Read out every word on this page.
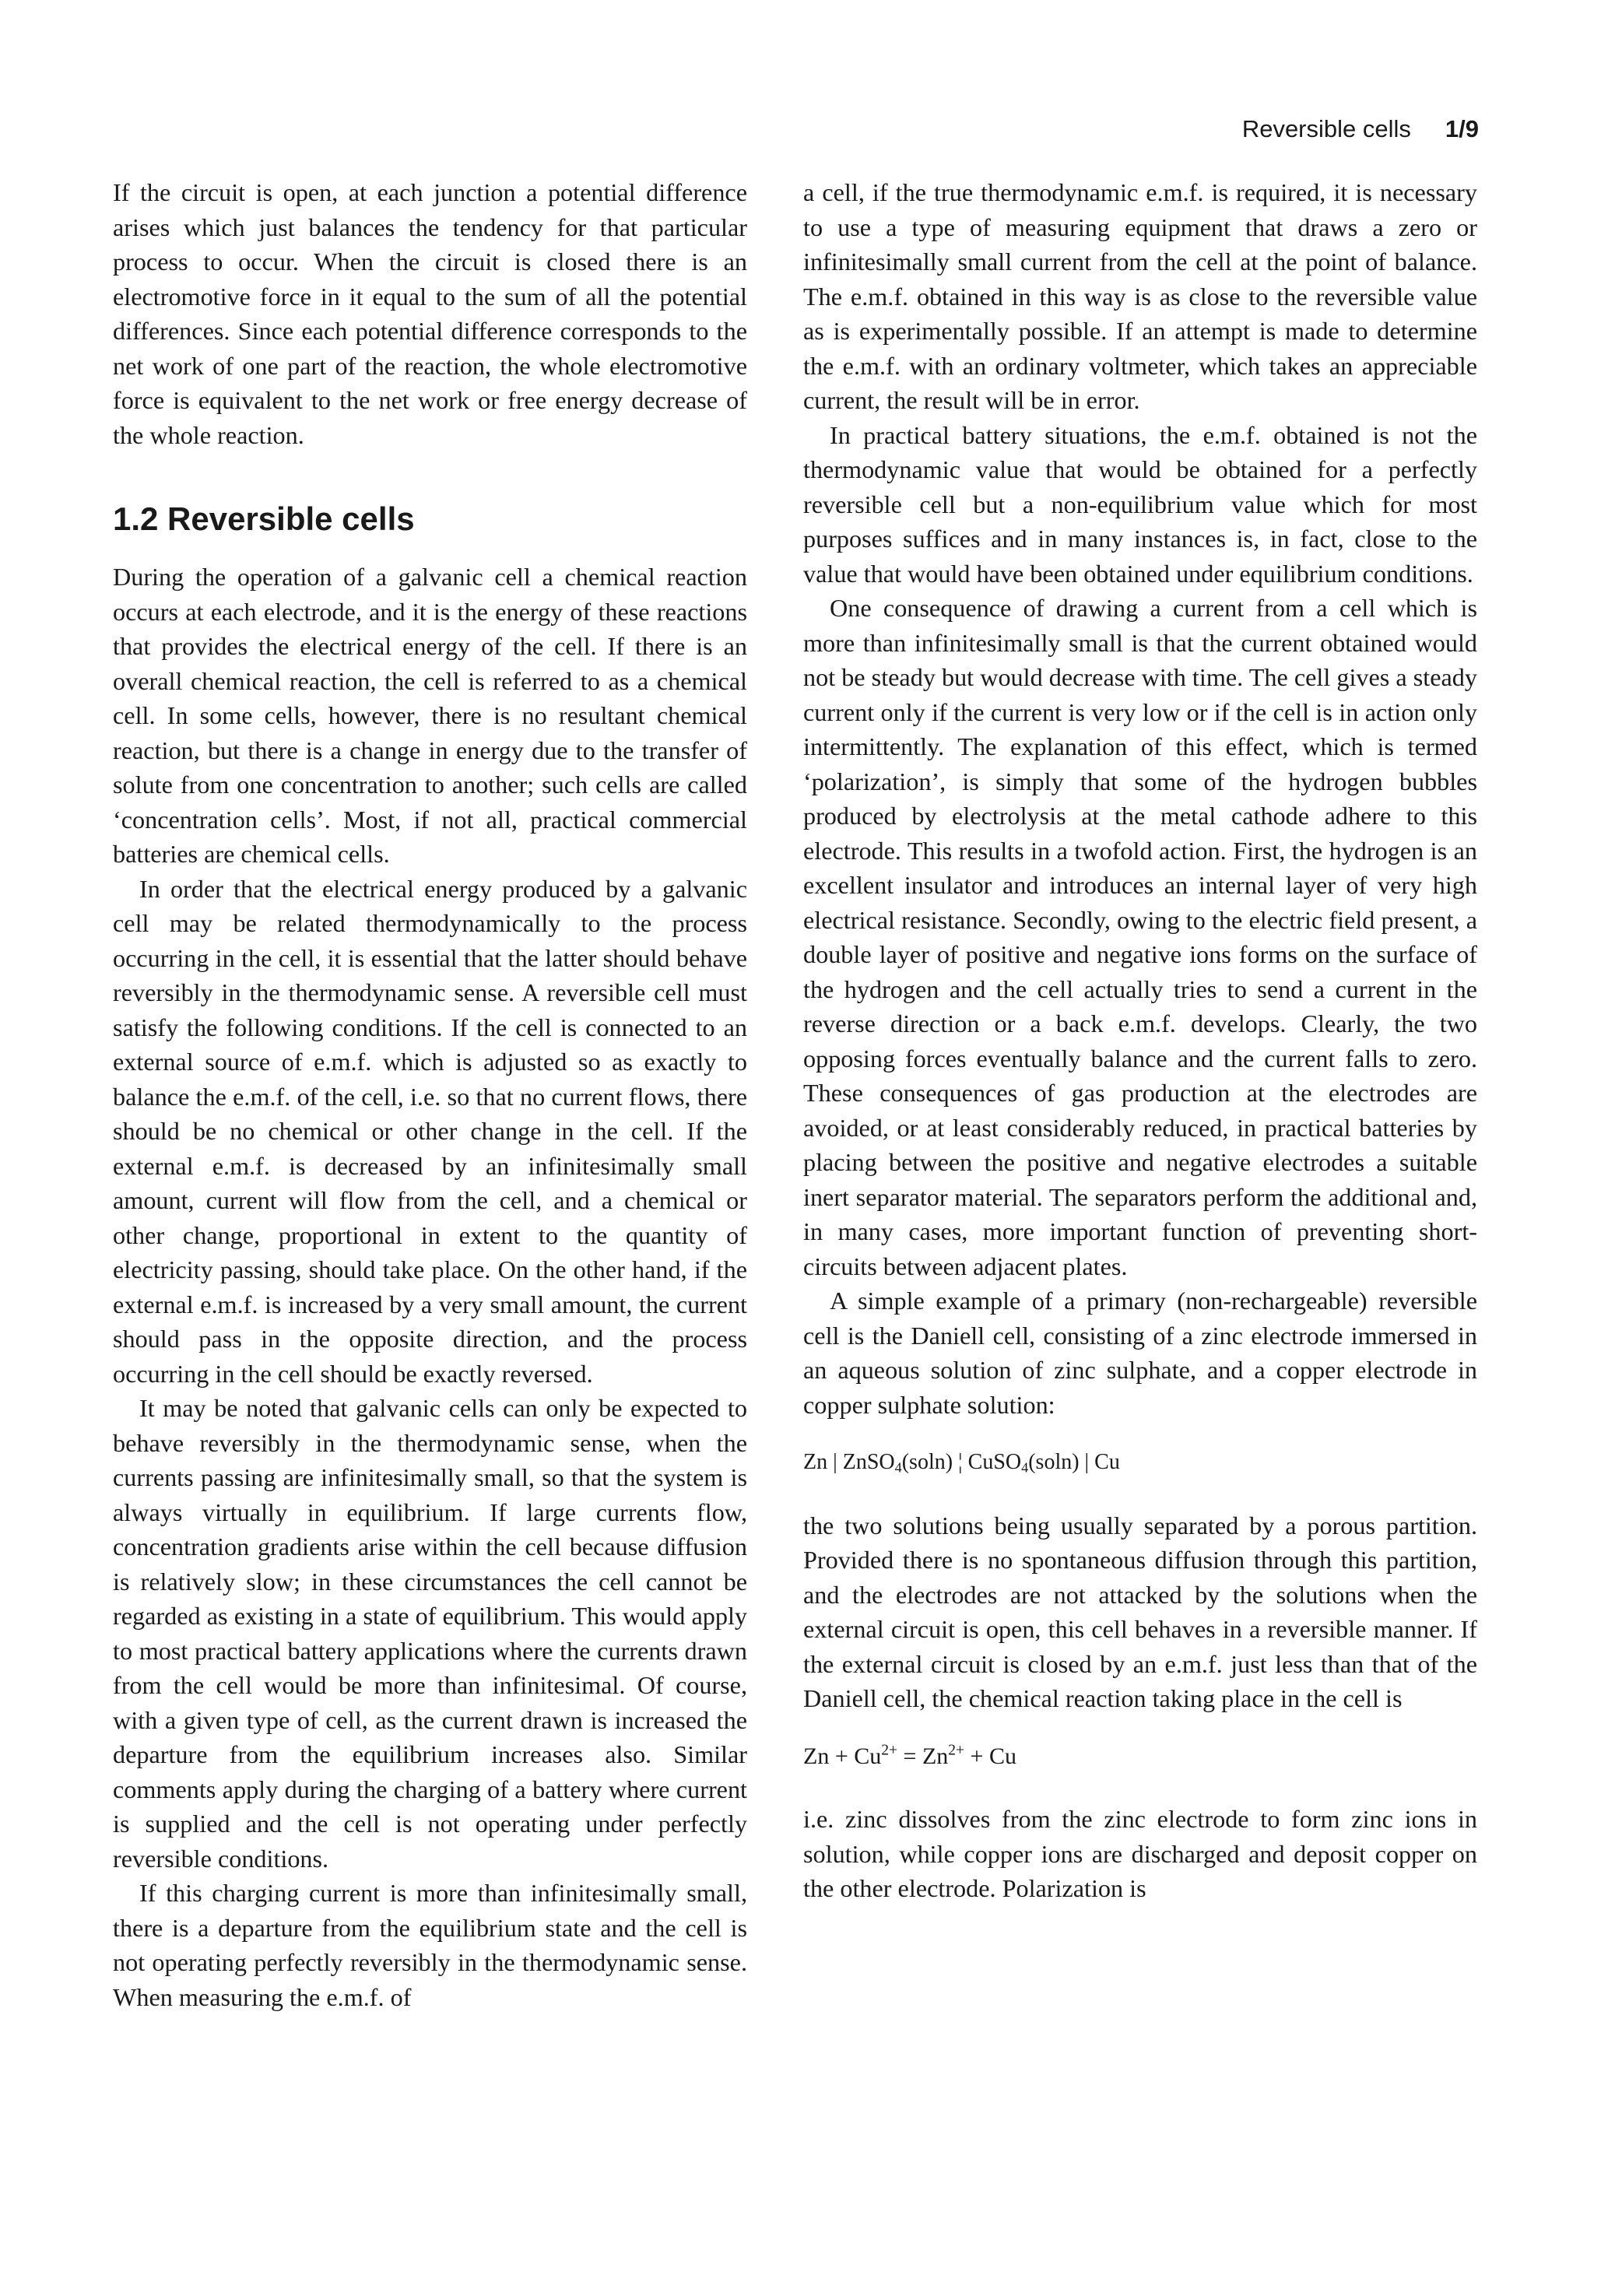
Reversible cells 1/9

If the circuit is open, at each junction a potential difference arises which just balances the tendency for that particular process to occur. When the circuit is closed there is an electromotive force in it equal to the sum of all the potential differences. Since each potential difference corresponds to the net work of one part of the reaction, the whole electromotive force is equivalent to the net work or free energy decrease of the whole reaction.

1.2 Reversible cells

During the operation of a galvanic cell a chemical reaction occurs at each electrode, and it is the energy of these reactions that provides the electrical energy of the cell. If there is an overall chemical reaction, the cell is referred to as a chemical cell. In some cells, however, there is no resultant chemical reaction, but there is a change in energy due to the transfer of solute from one concentration to another; such cells are called ‘concentration cells’. Most, if not all, practical commercial batteries are chemical cells.

In order that the electrical energy produced by a galvanic cell may be related thermodynamically to the process occurring in the cell, it is essential that the latter should behave reversibly in the thermodynamic sense. A reversible cell must satisfy the following conditions. If the cell is connected to an external source of e.m.f. which is adjusted so as exactly to balance the e.m.f. of the cell, i.e. so that no current flows, there should be no chemical or other change in the cell. If the external e.m.f. is decreased by an infinitesimally small amount, current will flow from the cell, and a chemical or other change, proportional in extent to the quantity of electricity passing, should take place. On the other hand, if the external e.m.f. is increased by a very small amount, the current should pass in the opposite direction, and the process occurring in the cell should be exactly reversed.

It may be noted that galvanic cells can only be expected to behave reversibly in the thermodynamic sense, when the currents passing are infinitesimally small, so that the system is always virtually in equilibrium. If large currents flow, concentration gradients arise within the cell because diffusion is relatively slow; in these circumstances the cell cannot be regarded as existing in a state of equilibrium. This would apply to most practical battery applications where the currents drawn from the cell would be more than infinitesimal. Of course, with a given type of cell, as the current drawn is increased the departure from the equilibrium increases also. Similar comments apply during the charging of a battery where current is supplied and the cell is not operating under perfectly reversible conditions.

If this charging current is more than infinitesimally small, there is a departure from the equilibrium state and the cell is not operating perfectly reversibly in the thermodynamic sense. When measuring the e.m.f. of

a cell, if the true thermodynamic e.m.f. is required, it is necessary to use a type of measuring equipment that draws a zero or infinitesimally small current from the cell at the point of balance. The e.m.f. obtained in this way is as close to the reversible value as is experimentally possible. If an attempt is made to determine the e.m.f. with an ordinary voltmeter, which takes an appreciable current, the result will be in error.

In practical battery situations, the e.m.f. obtained is not the thermodynamic value that would be obtained for a perfectly reversible cell but a non-equilibrium value which for most purposes suffices and in many instances is, in fact, close to the value that would have been obtained under equilibrium conditions.

One consequence of drawing a current from a cell which is more than infinitesimally small is that the current obtained would not be steady but would decrease with time. The cell gives a steady current only if the current is very low or if the cell is in action only intermittently. The explanation of this effect, which is termed ‘polarization’, is simply that some of the hydrogen bubbles produced by electrolysis at the metal cathode adhere to this electrode. This results in a twofold action. First, the hydrogen is an excellent insulator and introduces an internal layer of very high electrical resistance. Secondly, owing to the electric field present, a double layer of positive and negative ions forms on the surface of the hydrogen and the cell actually tries to send a current in the reverse direction or a back e.m.f. develops. Clearly, the two opposing forces eventually balance and the current falls to zero. These consequences of gas production at the electrodes are avoided, or at least considerably reduced, in practical batteries by placing between the positive and negative electrodes a suitable inert separator material. The separators perform the additional and, in many cases, more important function of preventing short-circuits between adjacent plates.

A simple example of a primary (non-rechargeable) reversible cell is the Daniell cell, consisting of a zinc electrode immersed in an aqueous solution of zinc sulphate, and a copper electrode in copper sulphate solution:

Zn | ZnSO$_4$(soln) ¦ CuSO$_4$(soln) | Cu

the two solutions being usually separated by a porous partition. Provided there is no spontaneous diffusion through this partition, and the electrodes are not attacked by the solutions when the external circuit is open, this cell behaves in a reversible manner. If the external circuit is closed by an e.m.f. just less than that of the Daniell cell, the chemical reaction taking place in the cell is

$Zn + Cu^{2+} = Zn^{2+} + Cu$

i.e. zinc dissolves from the zinc electrode to form zinc ions in solution, while copper ions are discharged and deposit copper on the other electrode. Polarization is
